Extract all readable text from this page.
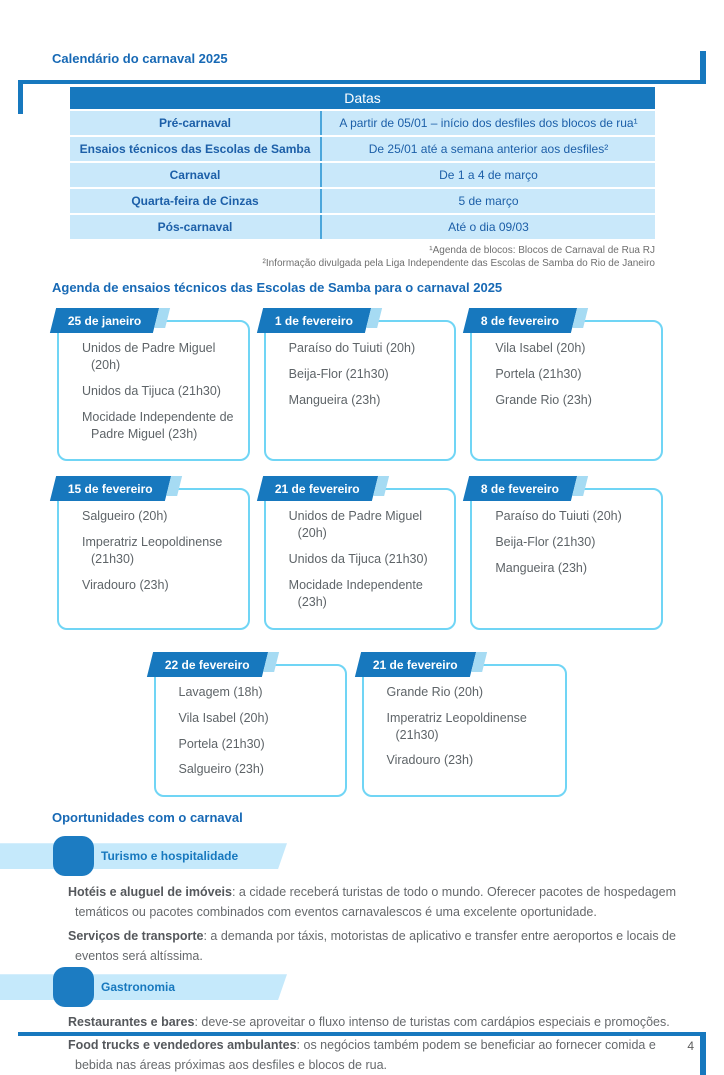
Calendário do carnaval 2025
Datas
Pré-carnaval	A partir de 05/01 – início dos desfiles dos blocos de rua¹
Ensaios técnicos das Escolas de Samba	De 25/01 até a semana anterior aos desfiles²
Carnaval	De 1 a 4 de março
Quarta-feira de Cinzas	5 de março
Pós-carnaval	Até o dia 09/03
¹Agenda de blocos: Blocos de Carnaval de Rua RJ
²Informação divulgada pela Liga Independente das Escolas de Samba do Rio de Janeiro
Agenda de ensaios técnicos das Escolas de Samba para o carnaval 2025
25 de janeiro
Unidos de Padre Miguel (20h)
Unidos da Tijuca (21h30)
Mocidade Independente de Padre Miguel (23h)
1 de fevereiro
Paraíso do Tuiuti (20h)
Beija-Flor (21h30)
Mangueira (23h)
8 de fevereiro
Vila Isabel (20h)
Portela (21h30)
Grande Rio (23h)
15 de fevereiro
Salgueiro (20h)
Imperatriz Leopoldinense (21h30)
Viradouro (23h)
21 de fevereiro
Unidos de Padre Miguel (20h)
Unidos da Tijuca (21h30)
Mocidade Independente (23h)
8 de fevereiro
Paraíso do Tuiuti (20h)
Beija-Flor (21h30)
Mangueira (23h)
22 de fevereiro
Lavagem (18h)
Vila Isabel (20h)
Portela (21h30)
Salgueiro (23h)
21 de fevereiro
Grande Rio (20h)
Imperatriz Leopoldinense (21h30)
Viradouro (23h)
Oportunidades com o carnaval
Turismo e hospitalidade

Hotéis e aluguel de imóveis: a cidade receberá turistas de todo o mundo. Oferecer pacotes de hospedagem temáticos ou pacotes combinados com eventos carnavalescos é uma excelente oportunidade.

Serviços de transporte: a demanda por táxis, motoristas de aplicativo e transfer entre aeroportos e locais de eventos será altíssima.

Gastronomia

Restaurantes e bares: deve-se aproveitar o fluxo intenso de turistas com cardápios especiais e promoções.

Food trucks e vendedores ambulantes: os negócios também podem se beneficiar ao fornecer comida e bebida nas áreas próximas aos desfiles e blocos de rua.

4
